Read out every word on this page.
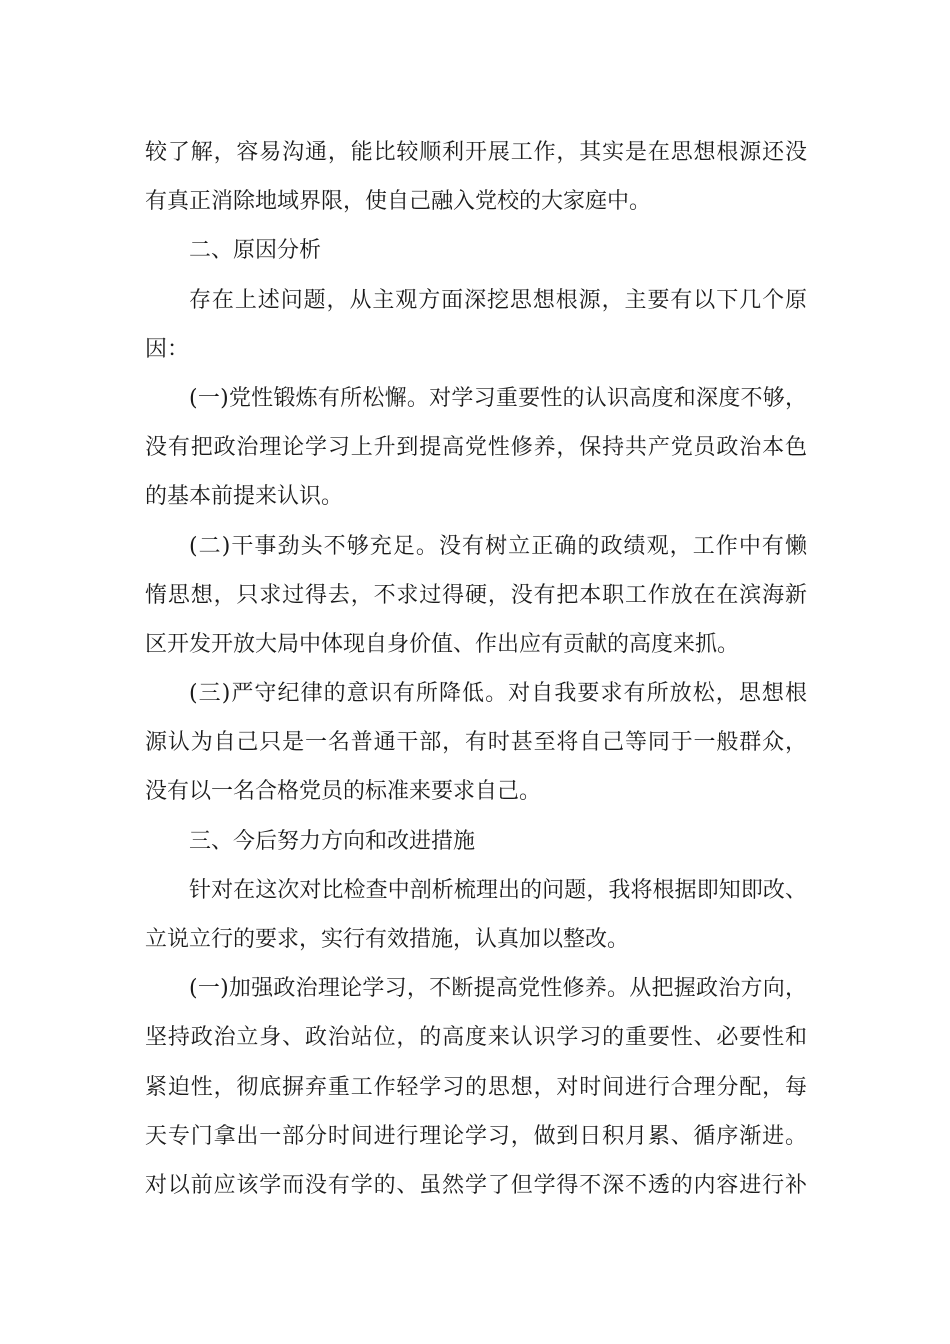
较了解，容易沟通，能比较顺利开展工作，其实是在思想根源还没
有真正消除地域界限，使自己融入党校的大家庭中。
二、原因分析
存在上述问题，从主观方面深挖思想根源，主要有以下几个原
因：
(一)党性锻炼有所松懈。对学习重要性的认识高度和深度不够，
没有把政治理论学习上升到提高党性修养，保持共产党员政治本色
的基本前提来认识。
(二)干事劲头不够充足。没有树立正确的政绩观，工作中有懒
惰思想，只求过得去，不求过得硬，没有把本职工作放在在滨海新
区开发开放大局中体现自身价值、作出应有贡献的高度来抓。
(三)严守纪律的意识有所降低。对自我要求有所放松，思想根
源认为自己只是一名普通干部，有时甚至将自己等同于一般群众，
没有以一名合格党员的标准来要求自己。
三、今后努力方向和改进措施
针对在这次对比检查中剖析梳理出的问题，我将根据即知即改、
立说立行的要求，实行有效措施，认真加以整改。
(一)加强政治理论学习，不断提高党性修养。从把握政治方向，
坚持政治立身、政治站位，的高度来认识学习的重要性、必要性和
紧迫性，彻底摒弃重工作轻学习的思想，对时间进行合理分配，每
天专门拿出一部分时间进行理论学习，做到日积月累、循序渐进。
对以前应该学而没有学的、虽然学了但学得不深不透的内容进行补
